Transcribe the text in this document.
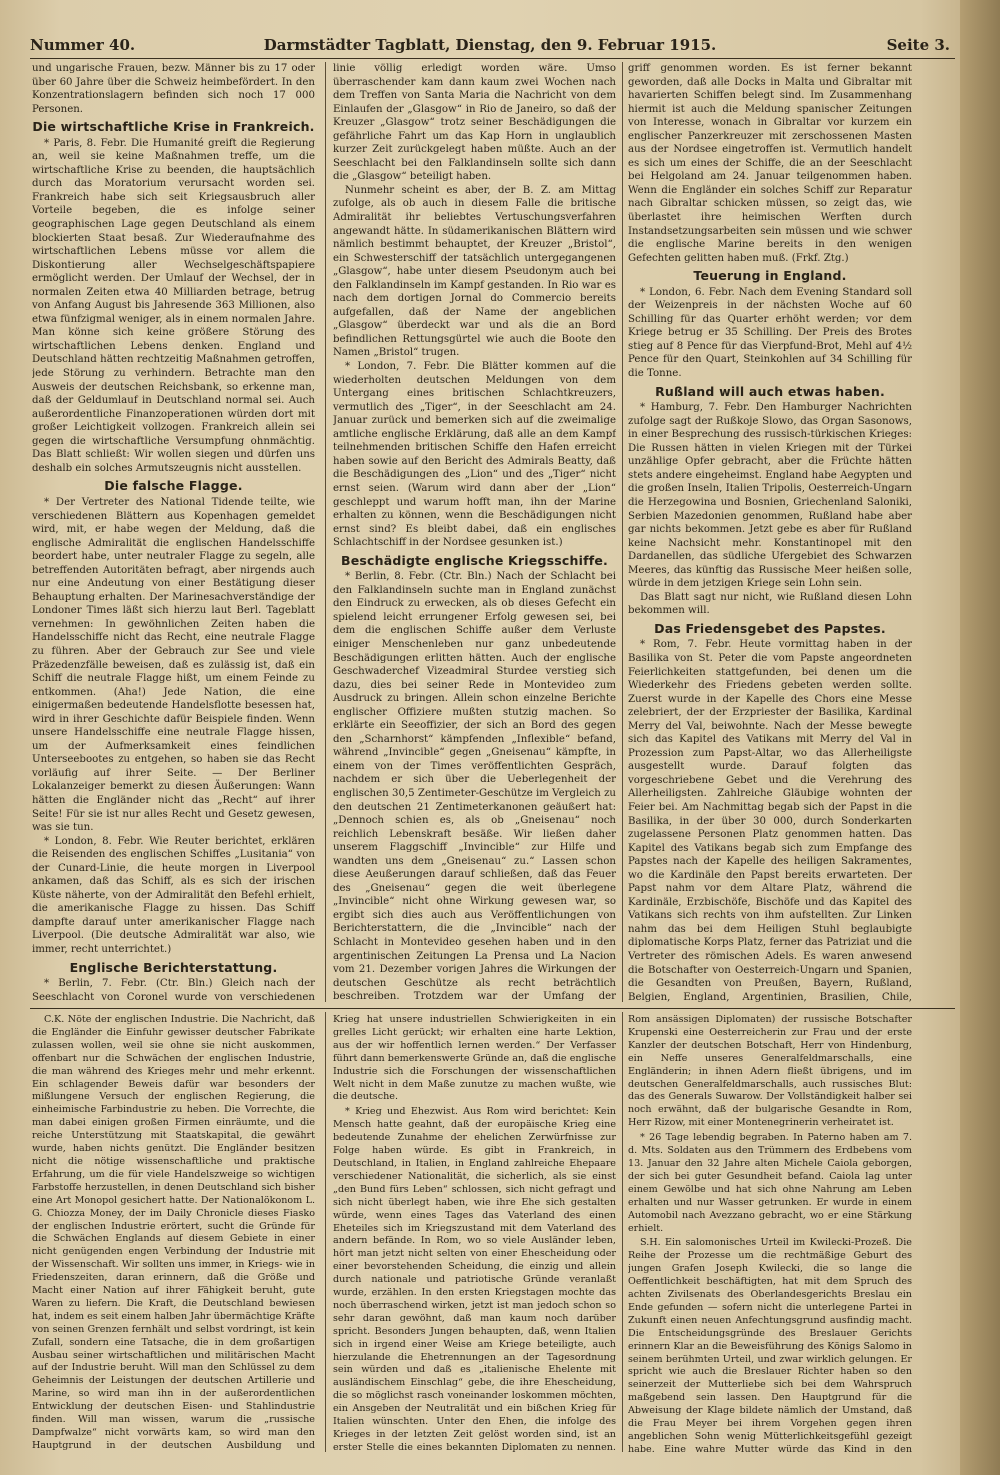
Nummer 40.	Darmstädter Tagblatt, Dienstag, den 9. Februar 1915.	Seite 3.

und ungarische Frauen, bezw. Männer bis zu 17 oder über 60 Jahre über die Schweiz heimbefördert. In den Konzentrationslagern befinden sich noch 17 000 Personen.

Die wirtschaftliche Krise in Frankreich.

* Paris, 8. Febr. Die Humanité greift die Regierung an, weil sie keine Maßnahmen treffe, um die wirtschaftliche Krise zu beenden, die hauptsächlich durch das Moratorium verursacht worden sei. Frankreich habe sich seit Kriegsausbruch aller Vorteile begeben, die es infolge seiner geographischen Lage gegen Deutschland als einem blockierten Staat besaß. Zur Wiederaufnahme des wirtschaftlichen Lebens müsse vor allem die Diskontierung aller Wechselgeschäftspapiere ermöglicht werden. Der Umlauf der Wechsel, der in normalen Zeiten etwa 40 Milliarden betrage, betrug von Anfang August bis Jahresende 363 Millionen, also etwa fünfzigmal weniger, als in einem normalen Jahre. Man könne sich keine größere Störung des wirtschaftlichen Lebens denken. England und Deutschland hätten rechtzeitig Maßnahmen getroffen, jede Störung zu verhindern. Betrachte man den Ausweis der deutschen Reichsbank, so erkenne man, daß der Geldumlauf in Deutschland normal sei. Auch außerordentliche Finanzoperationen würden dort mit großer Leichtigkeit vollzogen. Frankreich allein sei gegen die wirtschaftliche Versumpfung ohnmächtig. Das Blatt schließt: Wir wollen siegen und dürfen uns deshalb ein solches Armutszeugnis nicht ausstellen.

Die falsche Flagge.

* Der Vertreter des National Tidende teilte, wie verschiedenen Blättern aus Kopenhagen gemeldet wird, mit, er habe wegen der Meldung, daß die englische Admiralität die englischen Handelsschiffe beordert habe, unter neutraler Flagge zu segeln, alle betreffenden Autoritäten befragt, aber nirgends auch nur eine Andeutung von einer Bestätigung dieser Behauptung erhalten. Der Marinesachverständige der Londoner Times läßt sich hierzu laut Berl. Tageblatt vernehmen: In gewöhnlichen Zeiten haben die Handelsschiffe nicht das Recht, eine neutrale Flagge zu führen. Aber der Gebrauch zur See und viele Präzedenzfälle beweisen, daß es zulässig ist, daß ein Schiff die neutrale Flagge hißt, um einem Feinde zu entkommen. (Aha!) Jede Nation, die eine einigermaßen bedeutende Handelsflotte besessen hat, wird in ihrer Geschichte dafür Beispiele finden. Wenn unsere Handelsschiffe eine neutrale Flagge hissen, um der Aufmerksamkeit eines feindlichen Unterseebootes zu entgehen, so haben sie das Recht vorläufig auf ihrer Seite. — Der Berliner Lokalanzeiger bemerkt zu diesen Äußerungen: Wann hätten die Engländer nicht das „Recht“ auf ihrer Seite! Für sie ist nur alles Recht und Gesetz gewesen, was sie tun.

* London, 8. Febr. Wie Reuter berichtet, erklären die Reisenden des englischen Schiffes „Lusitania“ von der Cunard-Linie, die heute morgen in Liverpool ankamen, daß das Schiff, als es sich der irischen Küste näherte, von der Admiralität den Befehl erhielt, die amerikanische Flagge zu hissen. Das Schiff dampfte darauf unter amerikanischer Flagge nach Liverpool. (Die deutsche Admiralität war also, wie immer, recht unterrichtet.)

Englische Berichterstattung.

* Berlin, 7. Febr. (Ctr. Bln.) Gleich nach der Seeschlacht von Coronel wurde von verschiedenen

linie völlig erledigt worden wäre. Umso überraschender kam dann kaum zwei Wochen nach dem Treffen von Santa Maria die Nachricht von dem Einlaufen der „Glasgow“ in Rio de Janeiro, so daß der Kreuzer „Glasgow“ trotz seiner Beschädigungen die gefährliche Fahrt um das Kap Horn in unglaublich kurzer Zeit zurückgelegt haben müßte. Auch an der Seeschlacht bei den Falklandinseln sollte sich dann die „Glasgow“ beteiligt haben.

Nunmehr scheint es aber, der B. Z. am Mittag zufolge, als ob auch in diesem Falle die britische Admiralität ihr beliebtes Vertuschungsverfahren angewandt hätte. In südamerikanischen Blättern wird nämlich bestimmt behauptet, der Kreuzer „Bristol“, ein Schwesterschiff der tatsächlich untergegangenen „Glasgow“, habe unter diesem Pseudonym auch bei den Falklandinseln im Kampf gestanden. In Rio war es nach dem dortigen Jornal do Commercio bereits aufgefallen, daß der Name der angeblichen „Glasgow“ überdeckt war und als die an Bord befindlichen Rettungsgürtel wie auch die Boote den Namen „Bristol“ trugen.

* London, 7. Febr. Die Blätter kommen auf die wiederholten deutschen Meldungen von dem Untergang eines britischen Schlachtkreuzers, vermutlich des „Tiger“, in der Seeschlacht am 24. Januar zurück und bemerken sich auf die zweimalige amtliche englische Erklärung, daß alle an dem Kampf teilnehmenden britischen Schiffe den Hafen erreicht haben sowie auf den Bericht des Admirals Beatty, daß die Beschädigungen des „Lion“ und des „Tiger“ nicht ernst seien. (Warum wird dann aber der „Lion“ geschleppt und warum hofft man, ihn der Marine erhalten zu können, wenn die Beschädigungen nicht ernst sind? Es bleibt dabei, daß ein englisches Schlachtschiff in der Nordsee gesunken ist.)

Beschädigte englische Kriegsschiffe.

* Berlin, 8. Febr. (Ctr. Bln.) Nach der Schlacht bei den Falklandinseln suchte man in England zunächst den Eindruck zu erwecken, als ob dieses Gefecht ein spielend leicht errungener Erfolg gewesen sei, bei dem die englischen Schiffe außer dem Verluste einiger Menschenleben nur ganz unbedeutende Beschädigungen erlitten hätten. Auch der englische Geschwaderchef Vizeadmiral Sturdee verstieg sich dazu, dies bei seiner Rede in Montevideo zum Ausdruck zu bringen. Allein schon einzelne Berichte englischer Offiziere mußten stutzig machen. So erklärte ein Seeoffizier, der sich an Bord des gegen den „Scharnhorst“ kämpfenden „Inflexible“ befand, während „Invincible“ gegen „Gneisenau“ kämpfte, in einem von der Times veröffentlichten Gespräch, nachdem er sich über die Ueberlegenheit der englischen 30,5 Zentimeter-Geschütze im Vergleich zu den deutschen 21 Zentimeterkanonen geäußert hat: „Dennoch schien es, als ob „Gneisenau“ noch reichlich Lebenskraft besäße. Wir ließen daher unserem Flaggschiff „Invincible“ zur Hilfe und wandten uns dem „Gneisenau“ zu.“ Lassen schon diese Aeußerungen darauf schließen, daß das Feuer des „Gneisenau“ gegen die weit überlegene „Invincible“ nicht ohne Wirkung gewesen war, so ergibt sich dies auch aus Veröffentlichungen von Berichterstattern, die die „Invincible“ nach der Schlacht in Montevideo gesehen haben und in den argentinischen Zeitungen La Prensa und La Nacion vom 21. Dezember vorigen Jahres die Wirkungen der deutschen Geschütze als recht beträchtlich beschreiben. Trotzdem war der Umfang der

griff genommen worden. Es ist ferner bekannt geworden, daß alle Docks in Malta und Gibraltar mit havarierten Schiffen belegt sind. Im Zusammenhang hiermit ist auch die Meldung spanischer Zeitungen von Interesse, wonach in Gibraltar vor kurzem ein englischer Panzerkreuzer mit zerschossenen Masten aus der Nordsee eingetroffen ist. Vermutlich handelt es sich um eines der Schiffe, die an der Seeschlacht bei Helgoland am 24. Januar teilgenommen haben. Wenn die Engländer ein solches Schiff zur Reparatur nach Gibraltar schicken müssen, so zeigt das, wie überlastet ihre heimischen Werften durch Instandsetzungsarbeiten sein müssen und wie schwer die englische Marine bereits in den wenigen Gefechten gelitten haben muß. (Frkf. Ztg.)

Teuerung in England.

* London, 6. Febr. Nach dem Evening Standard soll der Weizenpreis in der nächsten Woche auf 60 Schilling für das Quarter erhöht werden; vor dem Kriege betrug er 35 Schilling. Der Preis des Brotes stieg auf 8 Pence für das Vierpfund-Brot, Mehl auf 4½ Pence für den Quart, Steinkohlen auf 34 Schilling für die Tonne.

Rußland will auch etwas haben.

* Hamburg, 7. Febr. Den Hamburger Nachrichten zufolge sagt der Rußkoje Slowo, das Organ Sasonows, in einer Besprechung des russisch-türkischen Krieges: Die Russen hätten in vielen Kriegen mit der Türkei unzählige Opfer gebracht, aber die Früchte hätten stets andere eingeheimst. England habe Aegypten und die großen Inseln, Italien Tripolis, Oesterreich-Ungarn die Herzegowina und Bosnien, Griechenland Saloniki, Serbien Mazedonien genommen, Rußland habe aber gar nichts bekommen. Jetzt gebe es aber für Rußland keine Nachsicht mehr. Konstantinopel mit den Dardanellen, das südliche Ufergebiet des Schwarzen Meeres, das künftig das Russische Meer heißen solle, würde in dem jetzigen Kriege sein Lohn sein.

Das Blatt sagt nur nicht, wie Rußland diesen Lohn bekommen will.

Das Friedensgebet des Papstes.

* Rom, 7. Febr. Heute vormittag haben in der Basilika von St. Peter die vom Papste angeordneten Feierlichkeiten stattgefunden, bei denen um die Wiederkehr des Friedens gebeten werden sollte. Zuerst wurde in der Kapelle des Chors eine Messe zelebriert, der der Erzpriester der Basilika, Kardinal Merry del Val, beiwohnte. Nach der Messe bewegte sich das Kapitel des Vatikans mit Merry del Val in Prozession zum Papst-Altar, wo das Allerheiligste ausgestellt wurde. Darauf folgten das vorgeschriebene Gebet und die Verehrung des Allerheiligsten. Zahlreiche Gläubige wohnten der Feier bei. Am Nachmittag begab sich der Papst in die Basilika, in der über 30 000, durch Sonderkarten zugelassene Personen Platz genommen hatten. Das Kapitel des Vatikans begab sich zum Empfange des Papstes nach der Kapelle des heiligen Sakramentes, wo die Kardinäle den Papst bereits erwarteten. Der Papst nahm vor dem Altare Platz, während die Kardinäle, Erzbischöfe, Bischöfe und das Kapitel des Vatikans sich rechts von ihm aufstellten. Zur Linken nahm das bei dem Heiligen Stuhl beglaubigte diplomatische Korps Platz, ferner das Patriziat und die Vertreter des römischen Adels. Es waren anwesend die Botschafter von Oesterreich-Ungarn und Spanien, die Gesandten von Preußen, Bayern, Rußland, Belgien, England, Argentinien, Brasilien, Chile,

C.K. Nöte der englischen Industrie. Die Nachricht, daß die Engländer die Einfuhr gewisser deutscher Fabrikate zulassen wollen, weil sie ohne sie nicht auskommen, offenbart nur die Schwächen der englischen Industrie, die man während des Krieges mehr und mehr erkennt. Ein schlagender Beweis dafür war besonders der mißlungene Versuch der englischen Regierung, die einheimische Farbindustrie zu heben. Die Vorrechte, die man dabei einigen großen Firmen einräumte, und die reiche Unterstützung mit Staatskapital, die gewährt wurde, haben nichts genützt. Die Engländer besitzen nicht die nötige wissenschaftliche und praktische Erfahrung, um die für viele Handelszweige so wichtigen Farbstoffe herzustellen, in denen Deutschland sich bisher eine Art Monopol gesichert hatte. Der Nationalökonom L. G. Chiozza Money, der im Daily Chronicle dieses Fiasko der englischen Industrie erörtert, sucht die Gründe für die Schwächen Englands auf diesem Gebiete in einer nicht genügenden engen Verbindung der Industrie mit der Wissenschaft. Wir sollten uns immer, in Kriegs- wie in Friedenszeiten, daran erinnern, daß die Größe und Macht einer Nation auf ihrer Fähigkeit beruht, gute Waren zu liefern. Die Kraft, die Deutschland bewiesen hat, indem es seit einem halben Jahr übermächtige Kräfte von seinen Grenzen fernhält und selbst vordringt, ist kein Zufall, sondern eine Tatsache, die in dem großartigen Ausbau seiner wirtschaftlichen und militärischen Macht auf der Industrie beruht. Will man den Schlüssel zu dem Geheimnis der Leistungen der deutschen Artillerie und Marine, so wird man ihn in der außerordentlichen Entwicklung der deutschen Eisen- und Stahlindustrie finden. Will man wissen, warum die „russische Dampfwalze“ nicht vorwärts kam, so wird man den Hauptgrund in der deutschen Ausbildung und

Krieg hat unsere industriellen Schwierigkeiten in ein grelles Licht gerückt; wir erhalten eine harte Lektion, aus der wir hoffentlich lernen werden.“ Der Verfasser führt dann bemerkenswerte Gründe an, daß die englische Industrie sich die Forschungen der wissenschaftlichen Welt nicht in dem Maße zunutze zu machen wußte, wie die deutsche.

* Krieg und Ehezwist. Aus Rom wird berichtet: Kein Mensch hatte geahnt, daß der europäische Krieg eine bedeutende Zunahme der ehelichen Zerwürfnisse zur Folge haben würde. Es gibt in Frankreich, in Deutschland, in Italien, in England zahlreiche Ehepaare verschiedener Nationalität, die sicherlich, als sie einst „den Bund fürs Leben“ schlossen, sich nicht gefragt und sich nicht überlegt haben, wie ihre Ehe sich gestalten würde, wenn eines Tages das Vaterland des einen Eheteiles sich im Kriegszustand mit dem Vaterland des andern befände. In Rom, wo so viele Ausländer leben, hört man jetzt nicht selten von einer Ehescheidung oder einer bevorstehenden Scheidung, die einzig und allein durch nationale und patriotische Gründe veranlaßt wurde, erzählen. In den ersten Kriegstagen mochte das noch überraschend wirken, jetzt ist man jedoch schon so sehr daran gewöhnt, daß man kaum noch darüber spricht. Besonders Jungen behaupten, daß, wenn Italien sich in irgend einer Weise am Kriege beteiligte, auch hierzulande die Ehetrennungen an der Tagesordnung sein würden und daß es „italienische Ehelente mit ausländischem Einschlag“ gebe, die ihre Ehescheidung, die so möglichst rasch voneinander loskommen möchten, ein Ansgeben der Neutralität und ein bißchen Krieg für Italien wünschten. Unter den Ehen, die infolge des Krieges in der letzten Zeit gelöst worden sind, ist an erster Stelle die eines bekannten Diplomaten zu nennen.

Rom ansässigen Diplomaten) der russische Botschafter Krupenski eine Oesterreicherin zur Frau und der erste Kanzler der deutschen Botschaft, Herr von Hindenburg, ein Neffe unseres Generalfeldmarschalls, eine Engländerin; in ihnen Adern fließt übrigens, und im deutschen Generalfeldmarschalls, auch russisches Blut: das des Generals Suwarow. Der Vollständigkeit halber sei noch erwähnt, daß der bulgarische Gesandte in Rom, Herr Rizow, mit einer Montenegrinerin verheiratet ist.

* 26 Tage lebendig begraben. In Paterno haben am 7. d. Mts. Soldaten aus den Trümmern des Erdbebens vom 13. Januar den 32 Jahre alten Michele Caiola geborgen, der sich bei guter Gesundheit befand. Caiola lag unter einem Gewölbe und hat sich ohne Nahrung am Leben erhalten und nur Wasser getrunken. Er wurde in einem Automobil nach Avezzano gebracht, wo er eine Stärkung erhielt.

S.H. Ein salomonisches Urteil im Kwilecki-Prozeß. Die Reihe der Prozesse um die rechtmäßige Geburt des jungen Grafen Joseph Kwilecki, die so lange die Oeffentlichkeit beschäftigten, hat mit dem Spruch des achten Zivilsenats des Oberlandesgerichts Breslau ein Ende gefunden — sofern nicht die unterlegene Partei in Zukunft einen neuen Anfechtungsgrund ausfindig macht. Die Entscheidungsgründe des Breslauer Gerichts erinnern Klar an die Beweisführung des Königs Salomo in seinem berühmten Urteil, und zwar wirklich gelungen. Er spricht wie auch die Breslauer Richter haben so den seinerzeit der Mutterliebe sich bei dem Wahrspruch maßgebend sein lassen. Den Hauptgrund für die Abweisung der Klage bildete nämlich der Umstand, daß die Frau Meyer bei ihrem Vorgehen gegen ihren angeblichen Sohn wenig Mütterlichkeitsgefühl gezeigt habe. Eine wahre Mutter würde das Kind in den
